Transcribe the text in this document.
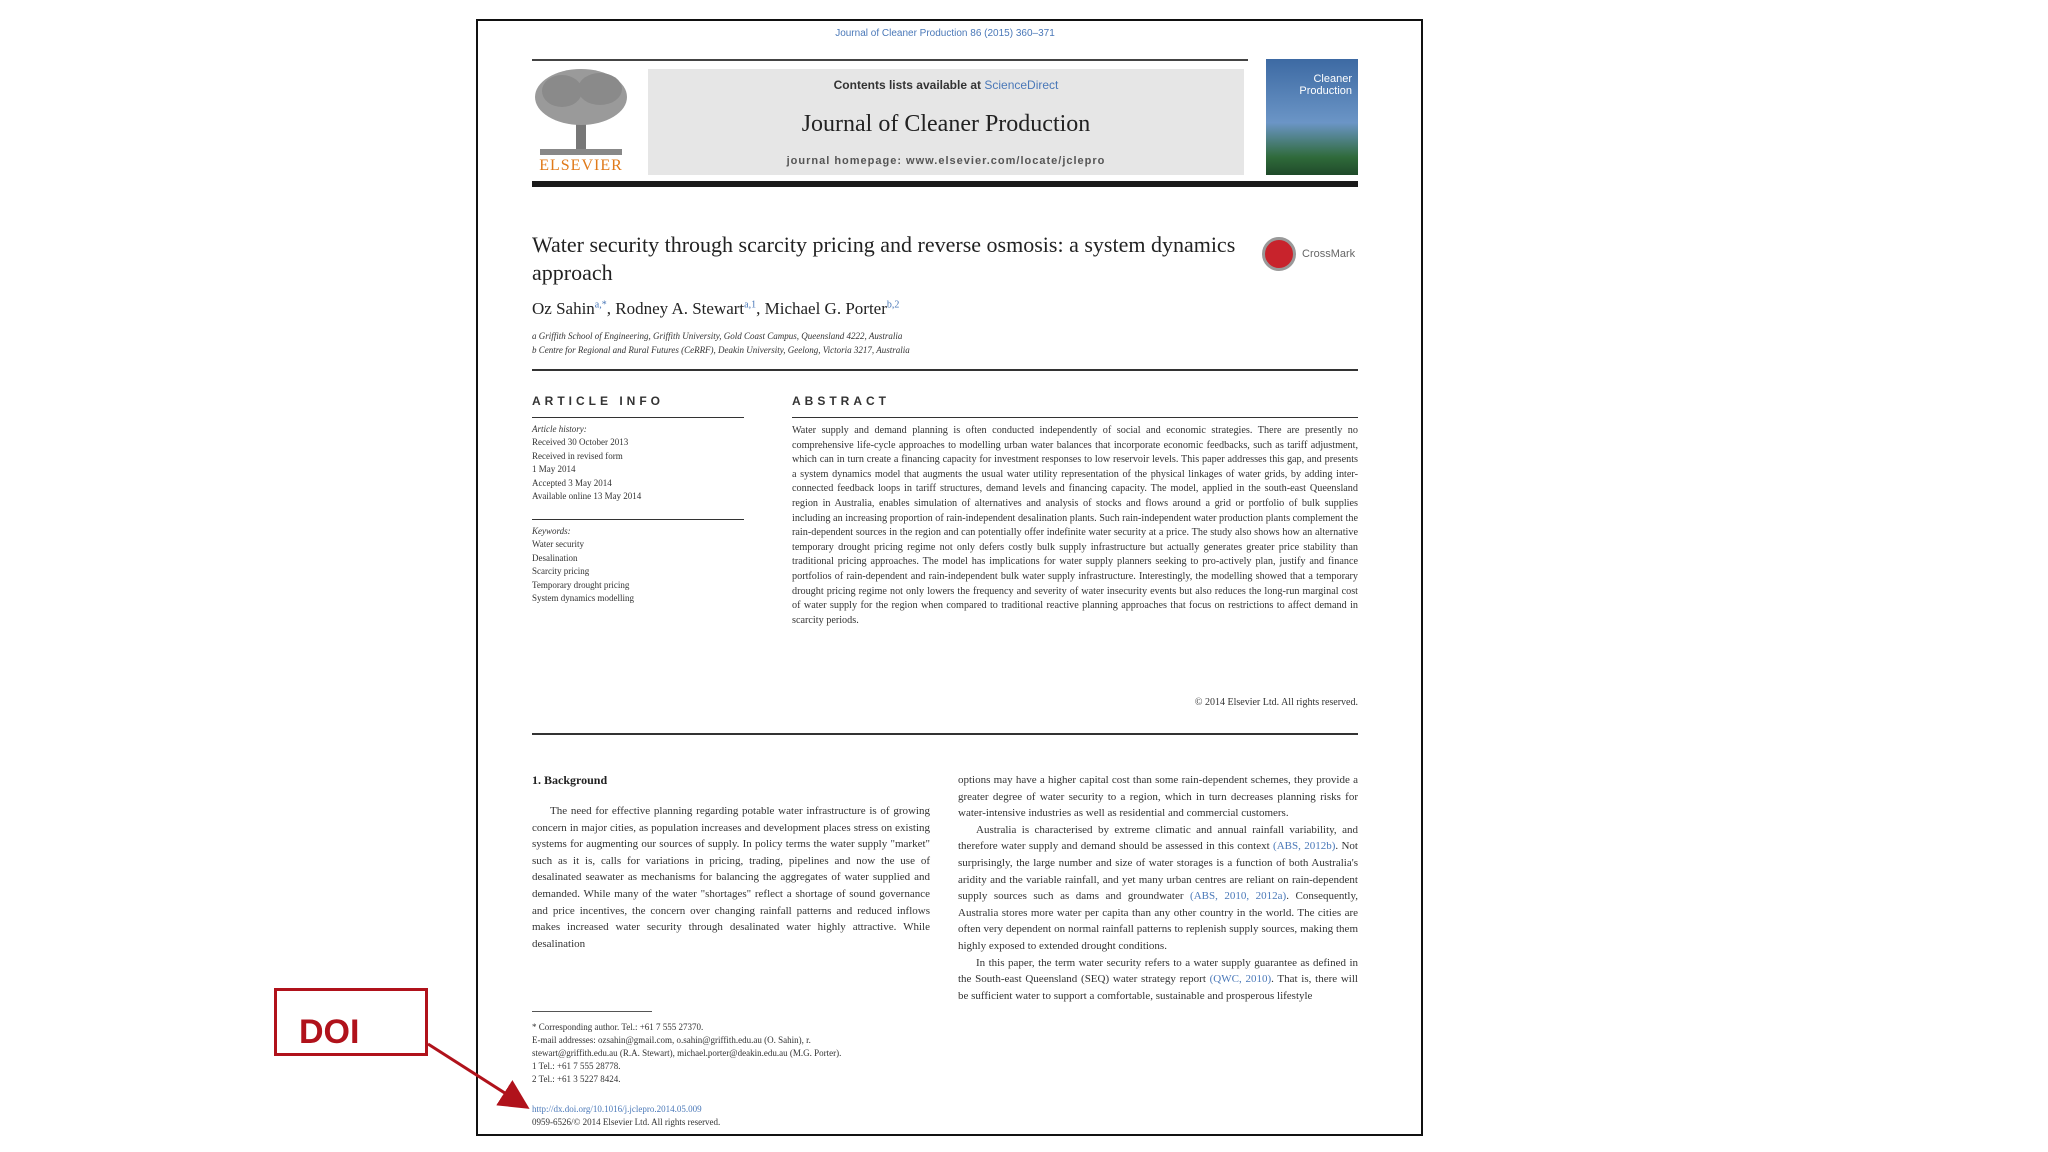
Journal of Cleaner Production 86 (2015) 360–371
ELSEVIER
Contents lists available at ScienceDirect
Journal of Cleaner Production
journal homepage: www.elsevier.com/locate/jclepro
Cleaner Production
Water security through scarcity pricing and reverse osmosis: a system dynamics approach
CrossMark
Oz Sahin$^{a,*}$, Rodney A. Stewart$^{a,1}$, Michael G. Porter$^{b,2}$
a Griffith School of Engineering, Griffith University, Gold Coast Campus, Queensland 4222, Australia
b Centre for Regional and Rural Futures (CeRRF), Deakin University, Geelong, Victoria 3217, Australia
ARTICLE INFO
Article history:
Received 30 October 2013
Received in revised form
1 May 2014
Accepted 3 May 2014
Available online 13 May 2014
Keywords:
Water security
Desalination
Scarcity pricing
Temporary drought pricing
System dynamics modelling
ABSTRACT
Water supply and demand planning is often conducted independently of social and economic strategies. There are presently no comprehensive life-cycle approaches to modelling urban water balances that incorporate economic feedbacks, such as tariff adjustment, which can in turn create a financing capacity for investment responses to low reservoir levels. This paper addresses this gap, and presents a system dynamics model that augments the usual water utility representation of the physical linkages of water grids, by adding inter-connected feedback loops in tariff structures, demand levels and financing capacity. The model, applied in the south-east Queensland region in Australia, enables simulation of alternatives and analysis of stocks and flows around a grid or portfolio of bulk supplies including an increasing proportion of rain-independent desalination plants. Such rain-independent water production plants complement the rain-dependent sources in the region and can potentially offer indefinite water security at a price. The study also shows how an alternative temporary drought pricing regime not only defers costly bulk supply infrastructure but actually generates greater price stability than traditional pricing approaches. The model has implications for water supply planners seeking to pro-actively plan, justify and finance portfolios of rain-dependent and rain-independent bulk water supply infrastructure. Interestingly, the modelling showed that a temporary drought pricing regime not only lowers the frequency and severity of water insecurity events but also reduces the long-run marginal cost of water supply for the region when compared to traditional reactive planning approaches that focus on restrictions to affect demand in scarcity periods.
© 2014 Elsevier Ltd. All rights reserved.
1. Background

The need for effective planning regarding potable water infrastructure is of growing concern in major cities, as population increases and development places stress on existing systems for augmenting our sources of supply. In policy terms the water supply "market" such as it is, calls for variations in pricing, trading, pipelines and now the use of desalinated seawater as mechanisms for balancing the aggregates of water supplied and demanded. While many of the water "shortages" reflect a shortage of sound governance and price incentives, the concern over changing rainfall patterns and reduced inflows makes increased water security through desalinated water highly attractive. While desalination

options may have a higher capital cost than some rain-dependent schemes, they provide a greater degree of water security to a region, which in turn decreases planning risks for water-intensive industries as well as residential and commercial customers.

Australia is characterised by extreme climatic and annual rainfall variability, and therefore water supply and demand should be assessed in this context (ABS, 2012b). Not surprisingly, the large number and size of water storages is a function of both Australia's aridity and the variable rainfall, and yet many urban centres are reliant on rain-dependent supply sources such as dams and groundwater (ABS, 2010, 2012a). Consequently, Australia stores more water per capita than any other country in the world. The cities are often very dependent on normal rainfall patterns to replenish supply sources, making them highly exposed to extended drought conditions.

In this paper, the term water security refers to a water supply guarantee as defined in the South-east Queensland (SEQ) water strategy report (QWC, 2010). That is, there will be sufficient water to support a comfortable, sustainable and prosperous lifestyle

* Corresponding author. Tel.: +61 7 555 27370.
E-mail addresses: ozsahin@gmail.com, o.sahin@griffith.edu.au (O. Sahin), r.
stewart@griffith.edu.au (R.A. Stewart), michael.porter@deakin.edu.au (M.G. Porter).
1 Tel.: +61 7 555 28778.
2 Tel.: +61 3 5227 8424.
http://dx.doi.org/10.1016/j.jclepro.2014.05.009
0959-6526/© 2014 Elsevier Ltd. All rights reserved.
DOI
